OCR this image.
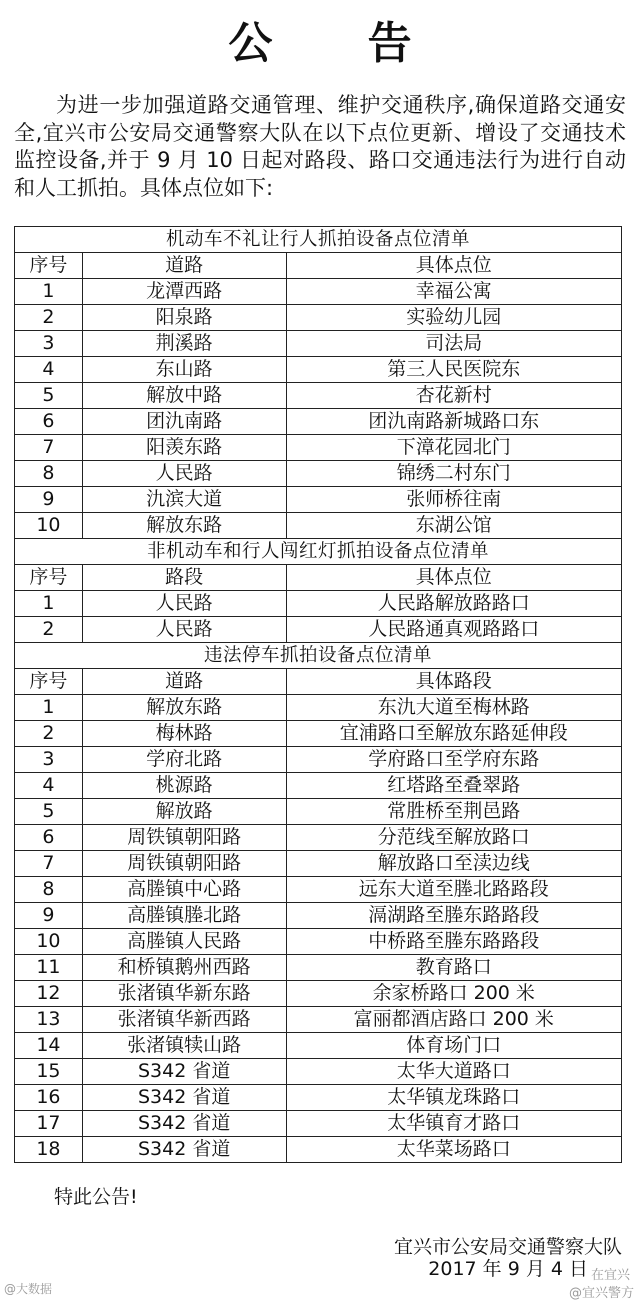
公 告

为进一步加强道路交通管理、维护交通秩序,确保道路交通安全,宜兴市公安局交通警察大队在以下点位更新、增设了交通技术监控设备,并于 9 月 10 日起对路段、路口交通违法行为进行自动和人工抓拍。具体点位如下:

机动车不礼让行人抓拍设备点位清单		
序号	道路	具体点位
1	龙潭西路	幸福公寓
2	阳泉路	实验幼儿园
3	荆溪路	司法局
4	东山路	第三人民医院东
5	解放中路	杏花新村
6	团氿南路	团氿南路新城路口东
7	阳羡东路	下漳花园北门
8	人民路	锦绣二村东门
9	氿滨大道	张师桥往南
10	解放东路	东湖公馆
非机动车和行人闯红灯抓拍设备点位清单		
序号	路段	具体点位
1	人民路	人民路解放路路口
2	人民路	人民路通真观路路口
违法停车抓拍设备点位清单		
序号	道路	具体路段
1	解放东路	东氿大道至梅林路
2	梅林路	宜浦路口至解放东路延伸段
3	学府北路	学府路口至学府东路
4	桃源路	红塔路至叠翠路
5	解放路	常胜桥至荆邑路
6	周铁镇朝阳路	分范线至解放路口
7	周铁镇朝阳路	解放路口至渎边线
8	高塍镇中心路	远东大道至塍北路路段
9	高塍镇塍北路	滆湖路至塍东路路段
10	高塍镇人民路	中桥路至塍东路路段
11	和桥镇鹅州西路	教育路口
12	张渚镇华新东路	余家桥路口 200 米
13	张渚镇华新西路	富丽都酒店路口 200 米
14	张渚镇犊山路	体育场门口
15	S342 省道	太华大道路口
16	S342 省道	太华镇龙珠路口
17	S342 省道	太华镇育才路口
18	S342 省道	太华菜场路口
特此公告!
宜兴市公安局交通警察大队
2017 年 9 月 4 日
@大数据
在宜兴
@宜兴警方
